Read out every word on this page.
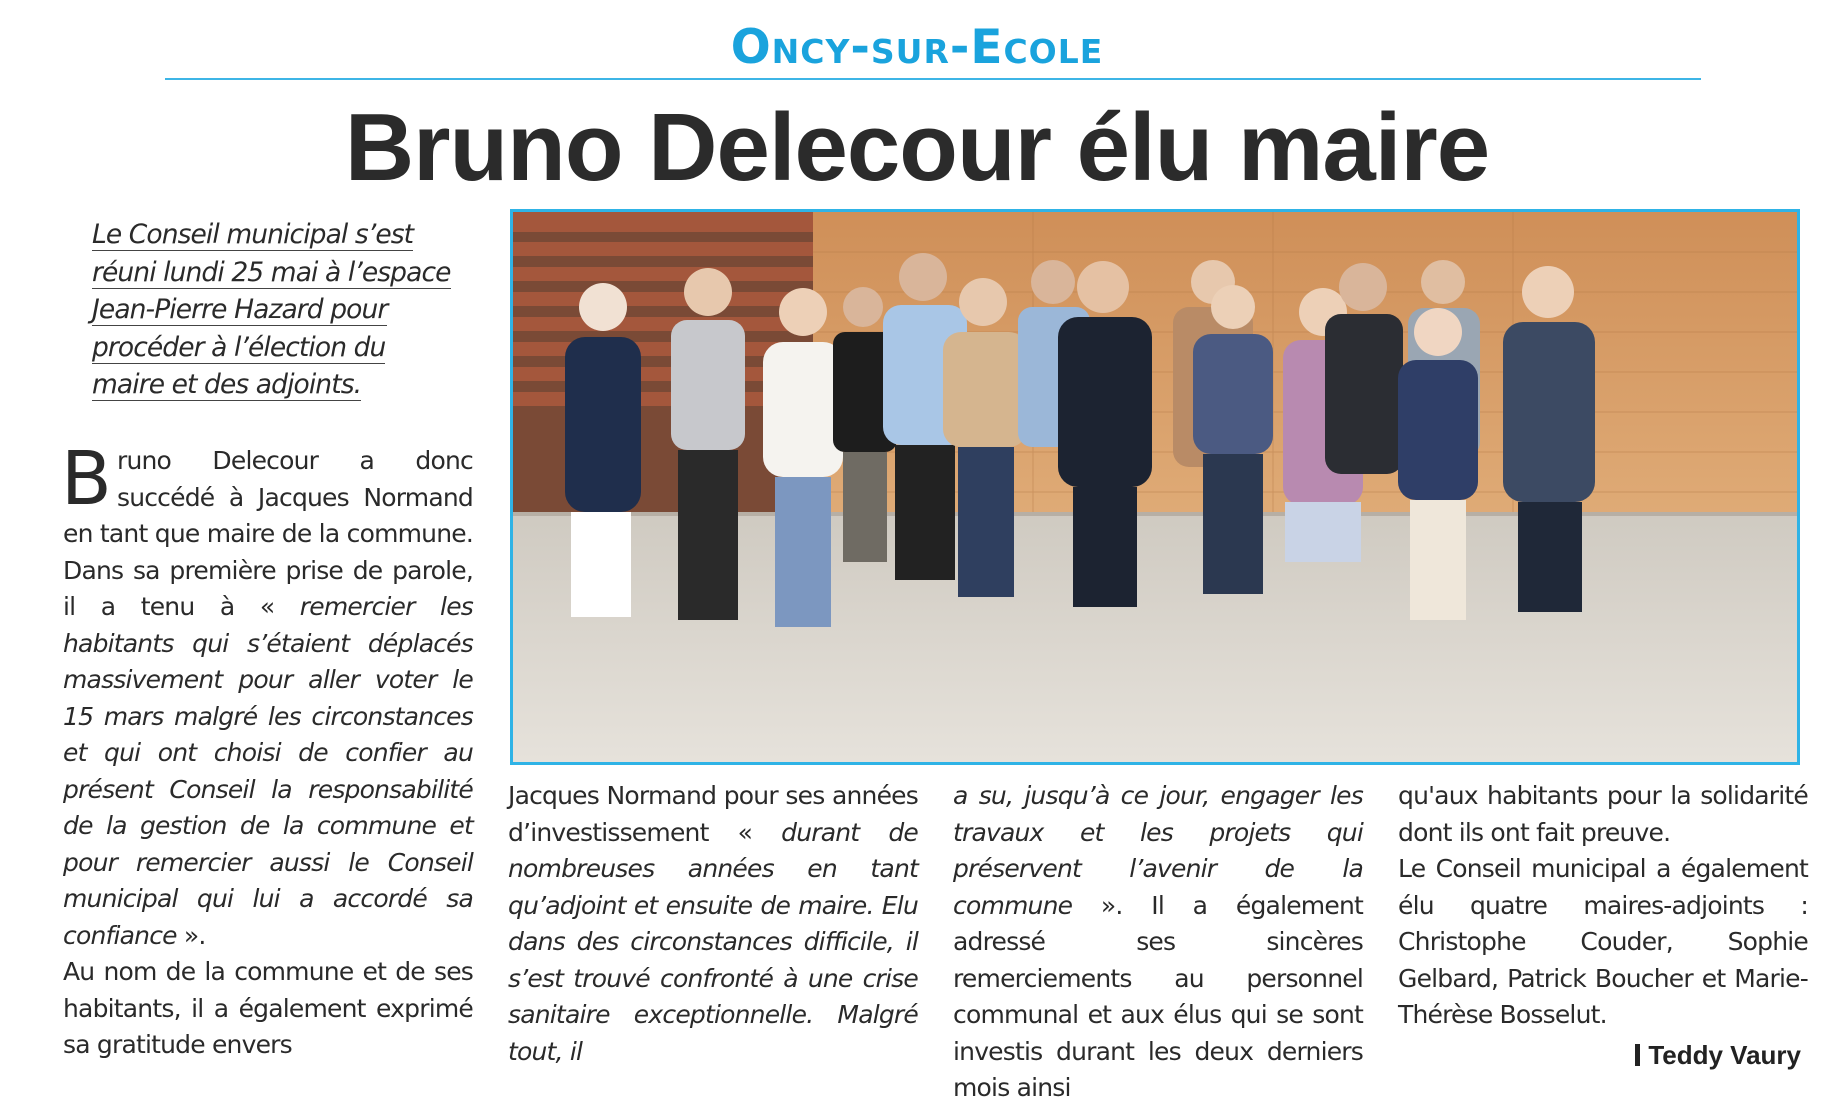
Oncy-sur-Ecole
Bruno Delecour élu maire
Le Conseil municipal s’est réuni lundi 25 mai à l’espace Jean-Pierre Hazard pour procéder à l’élection du maire et des adjoints.

B runo Delecour a donc succédé à Jacques Normand en tant que maire de la commune. Dans sa première prise de parole, il a tenu à « remercier les habitants qui s’étaient déplacés massivement pour aller voter le 15 mars malgré les circonstances et qui ont choisi de confier au présent Conseil la responsabilité de la gestion de la commune et pour remercier aussi le Conseil municipal qui lui a accordé sa confiance ».

Au nom de la commune et de ses habitants, il a également exprimé sa gratitude envers

Jacques Normand pour ses années d’investissement « durant de nombreuses années en tant qu’adjoint et ensuite de maire. Elu dans des circonstances difficile, il s’est trouvé confronté à une crise sanitaire exceptionnelle. Malgré tout, il

a su, jusqu’à ce jour, engager les travaux et les projets qui préservent l’avenir de la commune ». Il a également adressé ses sincères remerciements au personnel communal et aux élus qui se sont investis durant les deux derniers mois ainsi

qu'aux habitants pour la solidarité dont ils ont fait preuve.

Le Conseil municipal a également élu quatre maires-adjoints : Christophe Couder, Sophie Gelbard, Patrick Boucher et Marie-Thérèse Bosselut.

Teddy Vaury
